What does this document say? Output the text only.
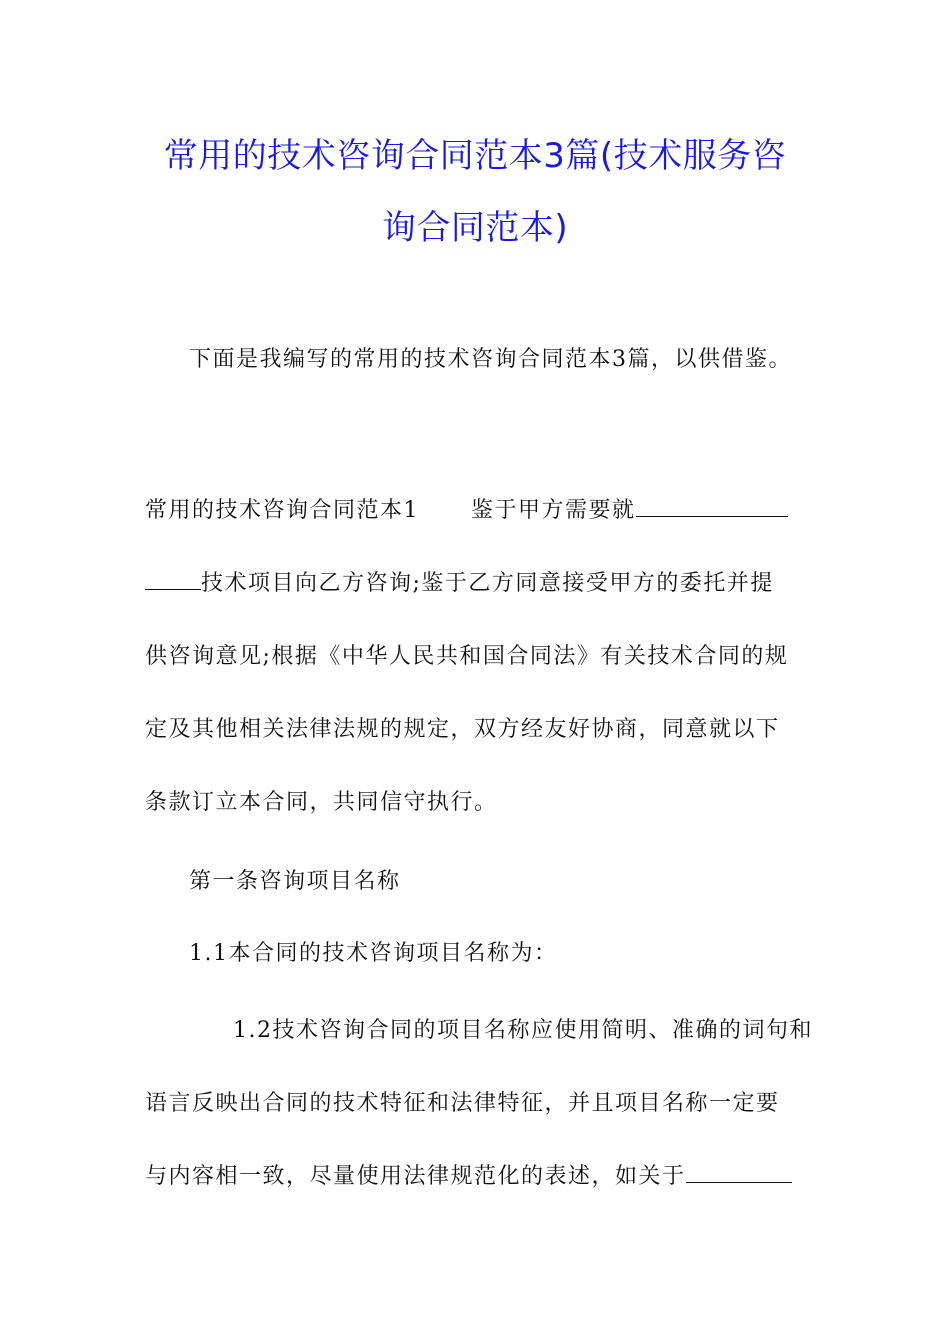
常用的技术咨询合同范本3篇(技术服务咨
询合同范本)

下面是我编写的常用的技术咨询合同范本3篇，以供借鉴。

常用的技术咨询合同范本1 鉴于甲方需要就
技术项目向乙方咨询;鉴于乙方同意接受甲方的委托并提
供咨询意见;根据《中华人民共和国合同法》有关技术合同的规
定及其他相关法律法规的规定，双方经友好协商，同意就以下
条款订立本合同，共同信守执行。

第一条咨询项目名称

1.1本合同的技术咨询项目名称为：

1.2技术咨询合同的项目名称应使用简明、准确的词句和
语言反映出合同的技术特征和法律特征，并且项目名称一定要
与内容相一致，尽量使用法律规范化的表述，如关于
